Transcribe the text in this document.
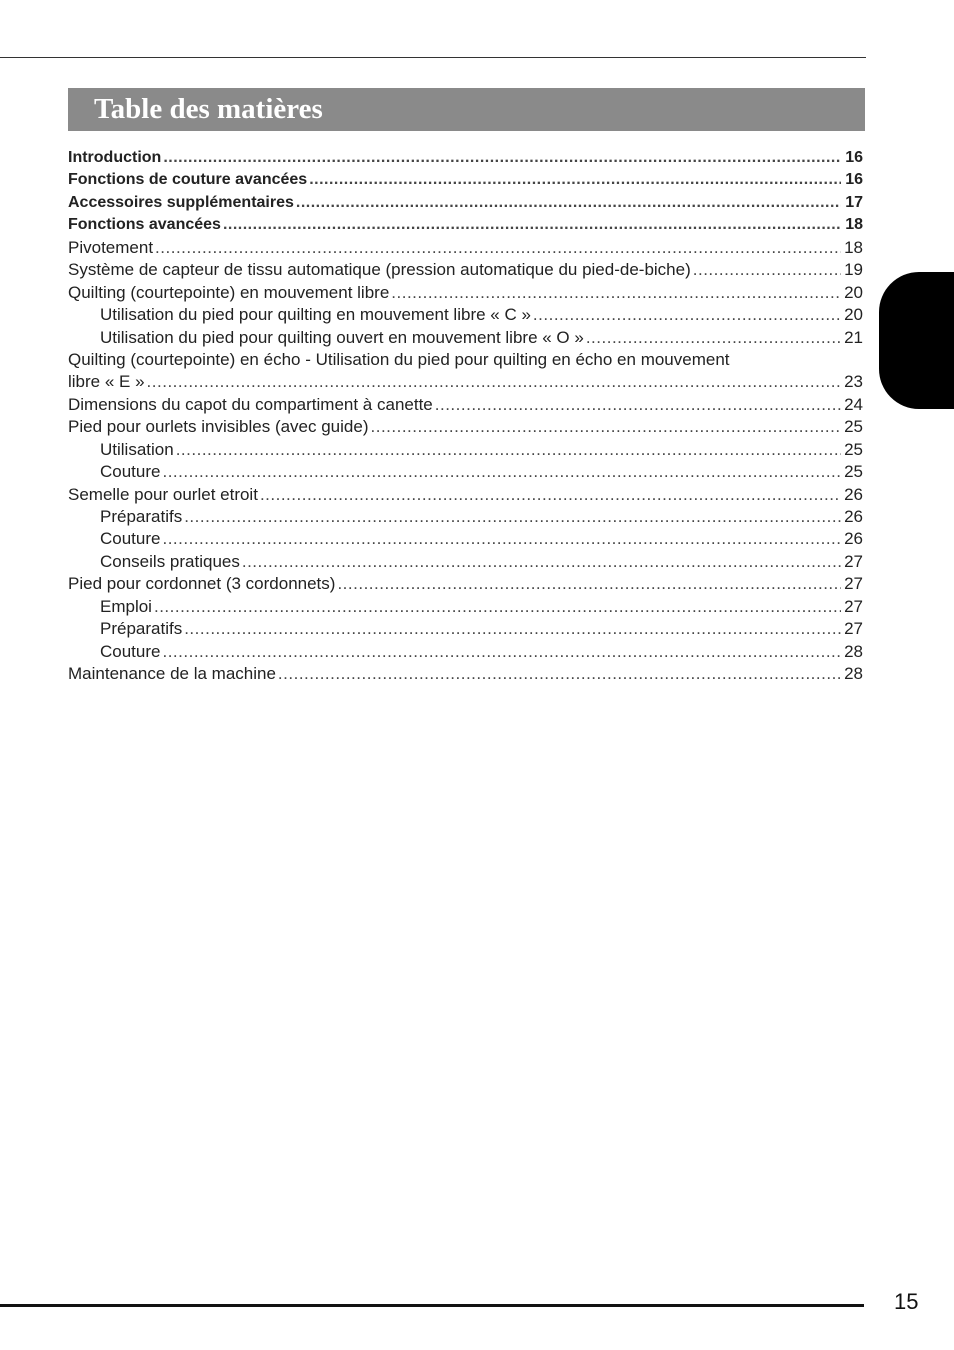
Table des matières
Introduction .....	16
Fonctions de couture avancées .....	16
Accessoires supplémentaires .....	17
Fonctions avancées .....	18
Pivotement .....	18
Système de capteur de tissu automatique (pression automatique du pied-de-biche) .....	19
Quilting (courtepointe) en mouvement libre .....	20
Utilisation du pied pour quilting en mouvement libre « C » .....	20
Utilisation du pied pour quilting ouvert en mouvement libre « O » .....	21
Quilting (courtepointe) en écho - Utilisation du pied pour quilting en écho en mouvement
libre « E » .....	23
Dimensions du capot du compartiment à canette .....	24
Pied pour ourlets invisibles (avec guide) .....	25
Utilisation .....	25
Couture .....	25
Semelle pour ourlet etroit .....	26
Préparatifs .....	26
Couture .....	26
Conseils pratiques .....	27
Pied pour cordonnet (3 cordonnets) .....	27
Emploi .....	27
Préparatifs .....	27
Couture .....	28
Maintenance de la machine .....	28
15
